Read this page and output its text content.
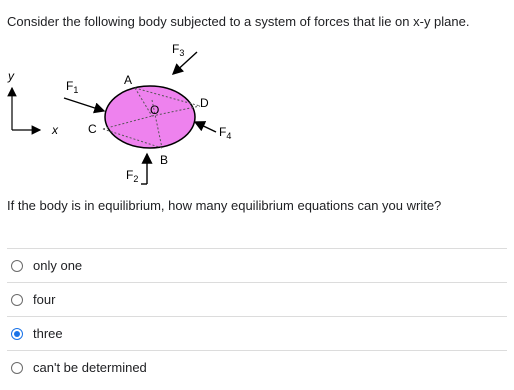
Consider the following body subjected to a system of forces that lie on x-y plane.
y
x
A
O	D
C
B
$F_1$
$F_3$
$F_4$
$F_2$
If the body is in equilibrium, how many equilibrium equations can you write?
only one
four
three
can't be determined
